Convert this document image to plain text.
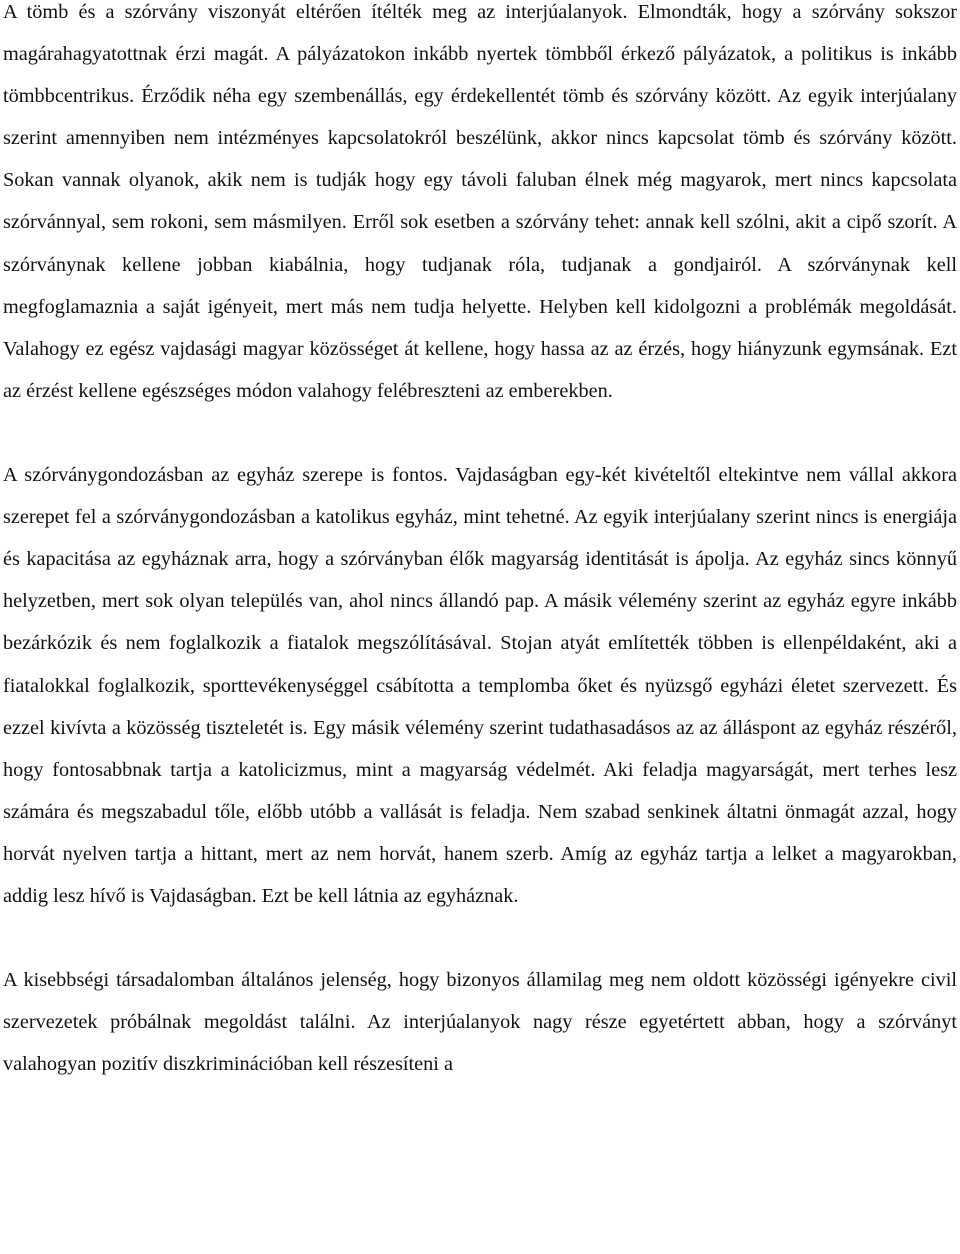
A tömb és a szórvány viszonyát eltérően ítélték meg az interjúalanyok. Elmondták, hogy a szórvány sokszor magárahagyatottnak érzi magát. A pályázatokon inkább nyertek tömbből érkező pályázatok, a politikus is inkább tömbbcentrikus. Érződik néha egy szembenállás, egy érdekellentét tömb és szórvány között. Az egyik interjúalany szerint amennyiben nem intézményes kapcsolatokról beszélünk, akkor nincs kapcsolat tömb és szórvány között. Sokan vannak olyanok, akik nem is tudják hogy egy távoli faluban élnek még magyarok, mert nincs kapcsolata szórvánnyal, sem rokoni, sem másmilyen. Erről sok esetben a szórvány tehet: annak kell szólni, akit a cipő szorít. A szórványnak kellene jobban kiabálnia, hogy tudjanak róla, tudjanak a gondjairól. A szórványnak kell megfoglamaznia a saját igényeit, mert más nem tudja helyette. Helyben kell kidolgozni a problémák megoldását. Valahogy ez egész vajdasági magyar közösséget át kellene, hogy hassa az az érzés, hogy hiányzunk egymsának. Ezt az érzést kellene egészséges módon valahogy felébreszteni az emberekben.

A szórványgondozásban az egyház szerepe is fontos. Vajdaságban egy-két kivételtől eltekintve nem vállal akkora szerepet fel a szórványgondozásban a katolikus egyház, mint tehetné. Az egyik interjúalany szerint nincs is energiája és kapacitása az egyháznak arra, hogy a szórványban élők magyarság identitását is ápolja. Az egyház sincs könnyű helyzetben, mert sok olyan település van, ahol nincs állandó pap. A másik vélemény szerint az egyház egyre inkább bezárkózik és nem foglalkozik a fiatalok megszólításával. Stojan atyát említették többen is ellenpéldaként, aki a fiatalokkal foglalkozik, sporttevékenységgel csábította a templomba őket és nyüzsgő egyházi életet szervezett. És ezzel kivívta a közösség tiszteletét is. Egy másik vélemény szerint tudathasadásos az az álláspont az egyház részéről, hogy fontosabbnak tartja a katolicizmus, mint a magyarság védelmét. Aki feladja magyarságát, mert terhes lesz számára és megszabadul tőle, előbb utóbb a vallását is feladja. Nem szabad senkinek áltatni önmagát azzal, hogy horvát nyelven tartja a hittant, mert az nem horvát, hanem szerb. Amíg az egyház tartja a lelket a magyarokban, addig lesz hívő is Vajdaságban. Ezt be kell látnia az egyháznak.

A kisebbségi társadalomban általános jelenség, hogy bizonyos államilag meg nem oldott közösségi igényekre civil szervezetek próbálnak megoldást találni. Az interjúalanyok nagy része egyetértett abban, hogy a szórványt valahogyan pozitív diszkriminációban kell részesíteni a
